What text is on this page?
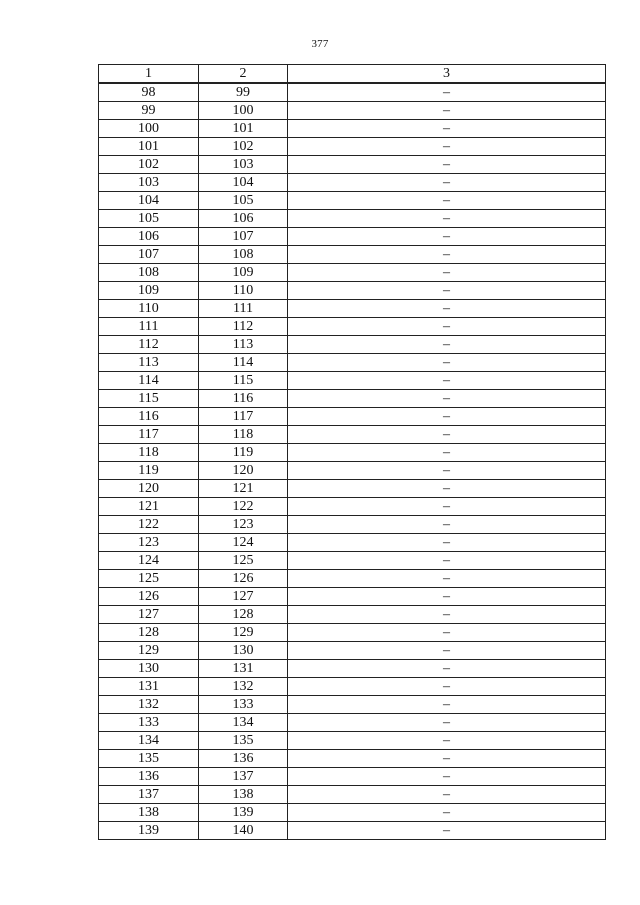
377
1	2	3
98	99	–
99	100	–
100	101	–
101	102	–
102	103	–
103	104	–
104	105	–
105	106	–
106	107	–
107	108	–
108	109	–
109	110	–
110	111	–
111	112	–
112	113	–
113	114	–
114	115	–
115	116	–
116	117	–
117	118	–
118	119	–
119	120	–
120	121	–
121	122	–
122	123	–
123	124	–
124	125	–
125	126	–
126	127	–
127	128	–
128	129	–
129	130	–
130	131	–
131	132	–
132	133	–
133	134	–
134	135	–
135	136	–
136	137	–
137	138	–
138	139	–
139	140	–
